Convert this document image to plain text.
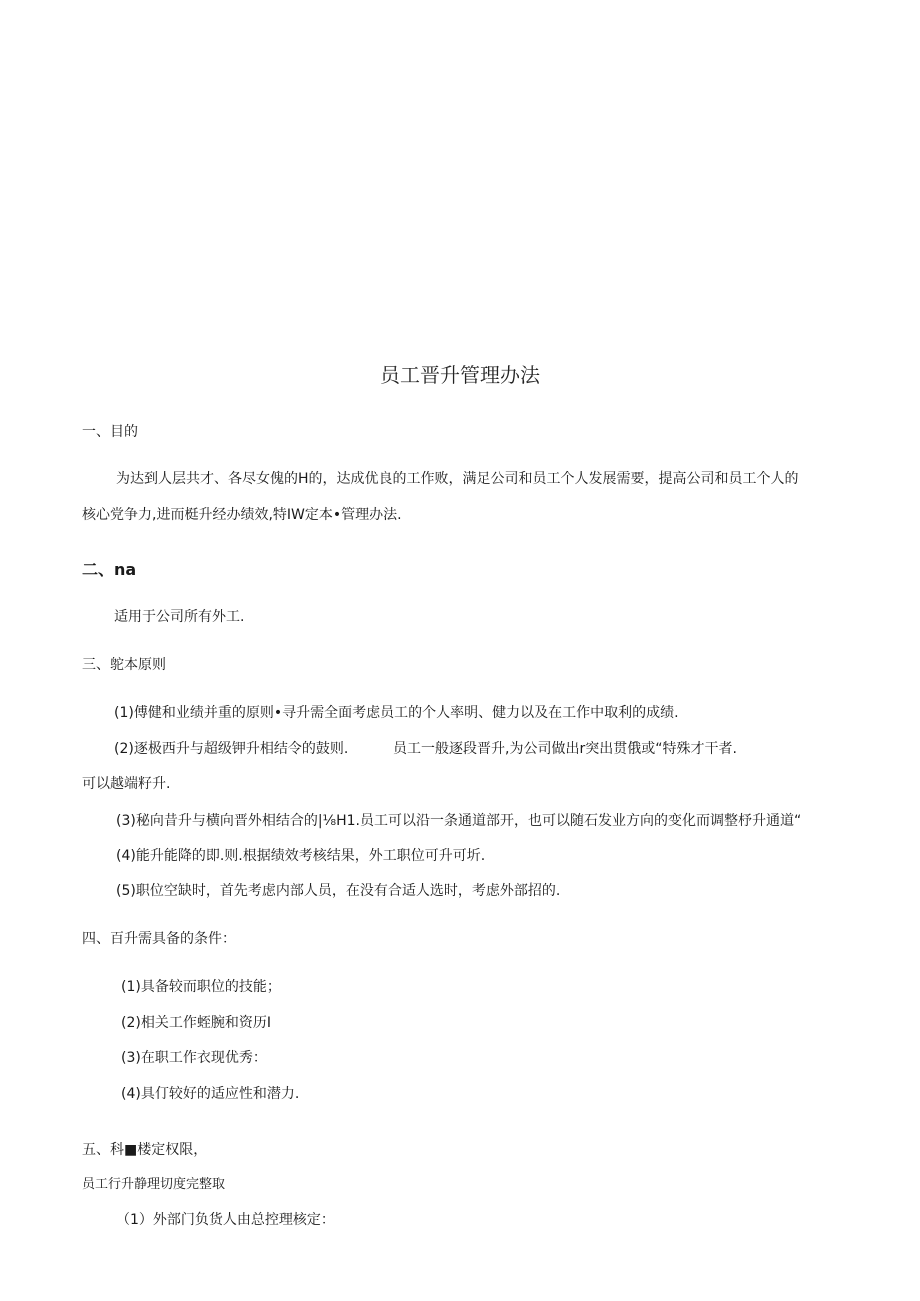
员工晋升管理办法
一、目的
为达到人层共才、各尽女傀的H的，达成优良的工作败，满足公司和员工个人发展需要，提高公司和员工个人的
核心党争力,进而梃升经办绩效,特IW定本•管理办法.
二、na
适用于公司所有外工.
三、鸵本原则
(1)傅健和业绩并重的原则•寻升需全面考虑员工的个人率明、健力以及在工作中取利的成绩.
(2)逐极西升与超级钾升相结令的鼓则.	员工一般逐段晋升,为公司做出r突出贯俄或“特殊才干者.
可以越端籽升.
(3)秘向昔升与横向晋外相结合的|⅛H1.员工可以沿一条通道部开，也可以随石发业方向的变化而调整杼升通道“
(4)能升能降的即.则.根据绩效考核结果，外工职位可升可圻.
(5)职位空缺时，首先考虑内部人员，在没有合适人选时，考虑外部招的.
四、百升需具备的条件：
(1)具备较而职位的技能；
(2)相关工作蛭腕和资历I
(3)在职工作衣现优秀：
(4)具仃较好的适应性和潜力.
五、科■楼定权限，
员工行升静理切度完整取
（1）外部门负货人由总控理核定：
